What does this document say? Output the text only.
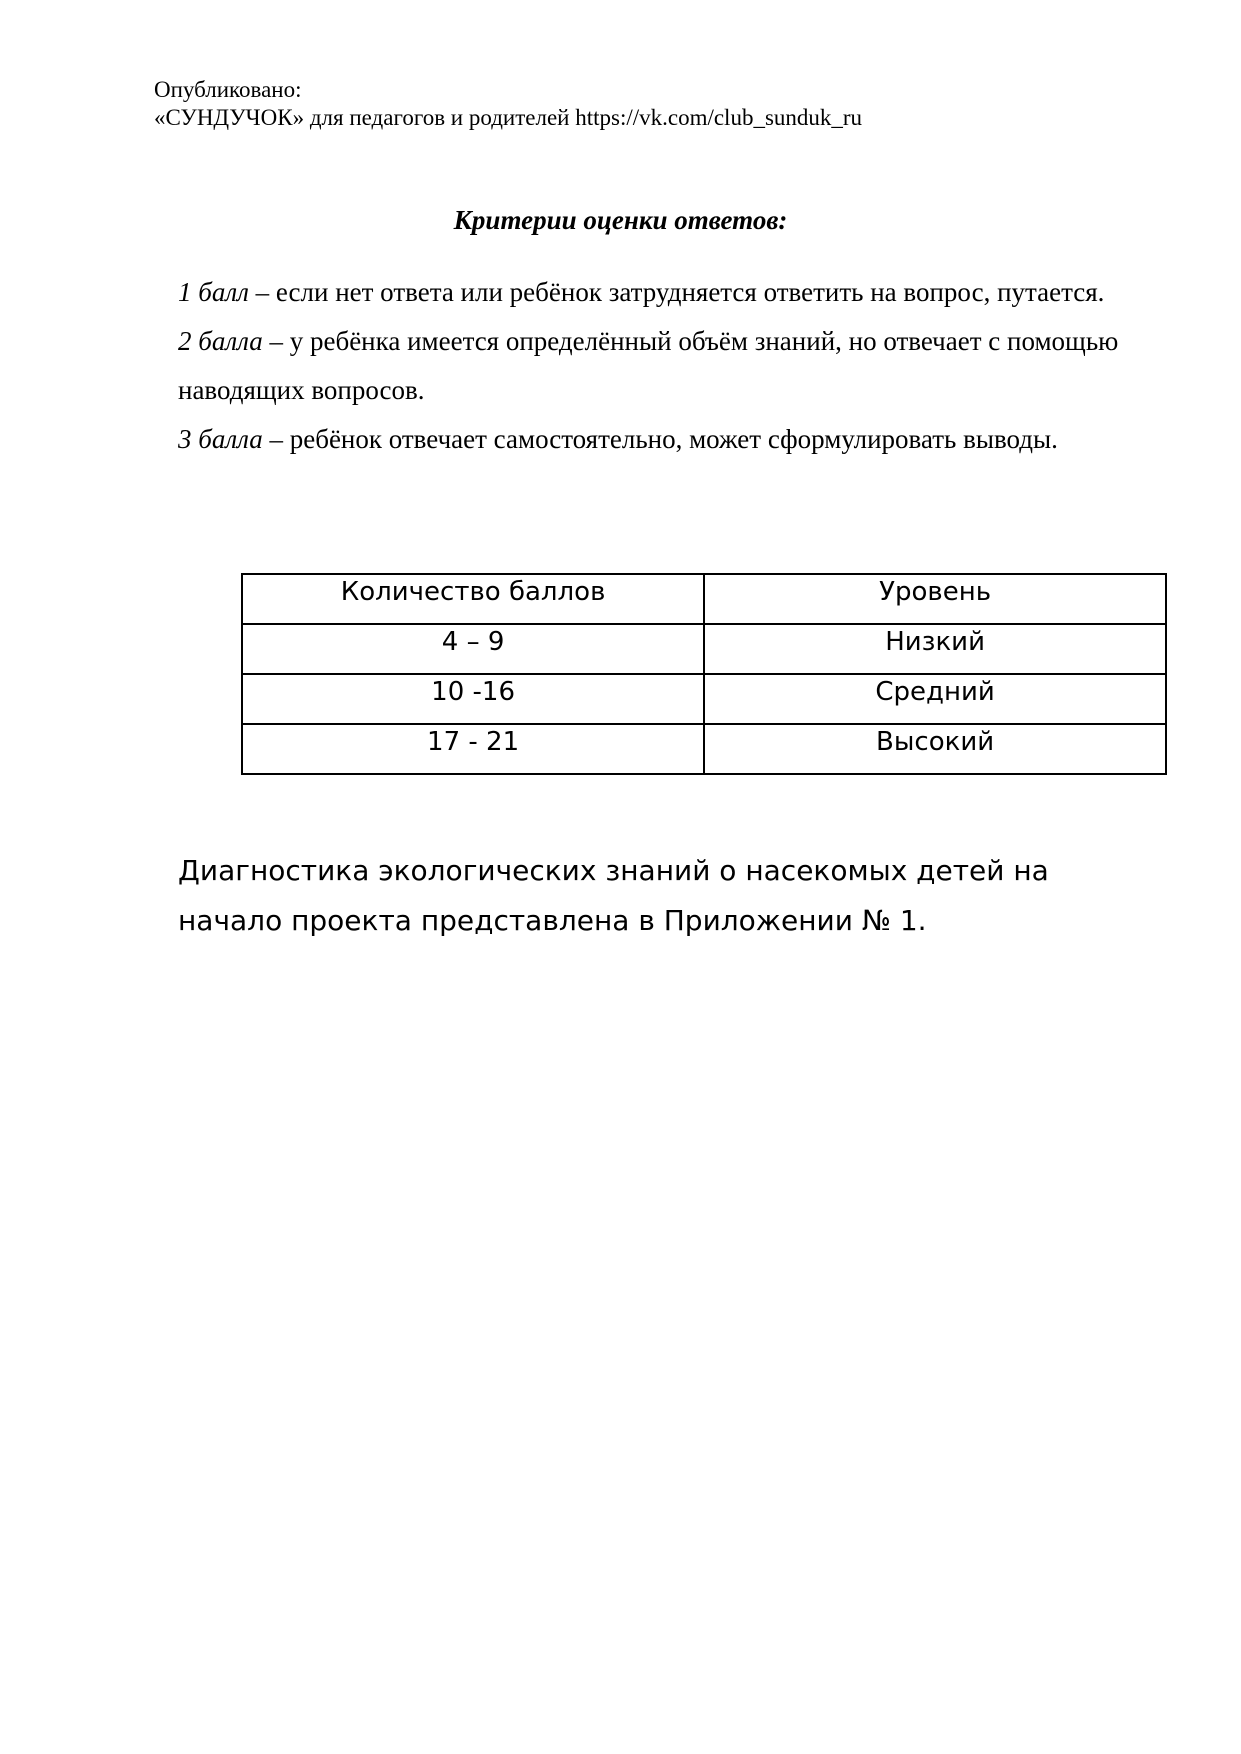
Опубликовано:
«СУНДУЧОК» для педагогов и родителей https://vk.com/club_sunduk_ru
Критерии оценки ответов:

1 балл – если нет ответа или ребёнок затрудняется ответить на вопрос, путается.

2 балла – у ребёнка имеется определённый объём знаний, но отвечает с помощью наводящих вопросов.

3 балла – ребёнок отвечает самостоятельно, может сформулировать выводы.

Количество баллов	Уровень
4 – 9	Низкий
10 -16	Средний
17 - 21	Высокий

Диагностика экологических знаний о насекомых детей на начало проекта представлена в Приложении № 1.
